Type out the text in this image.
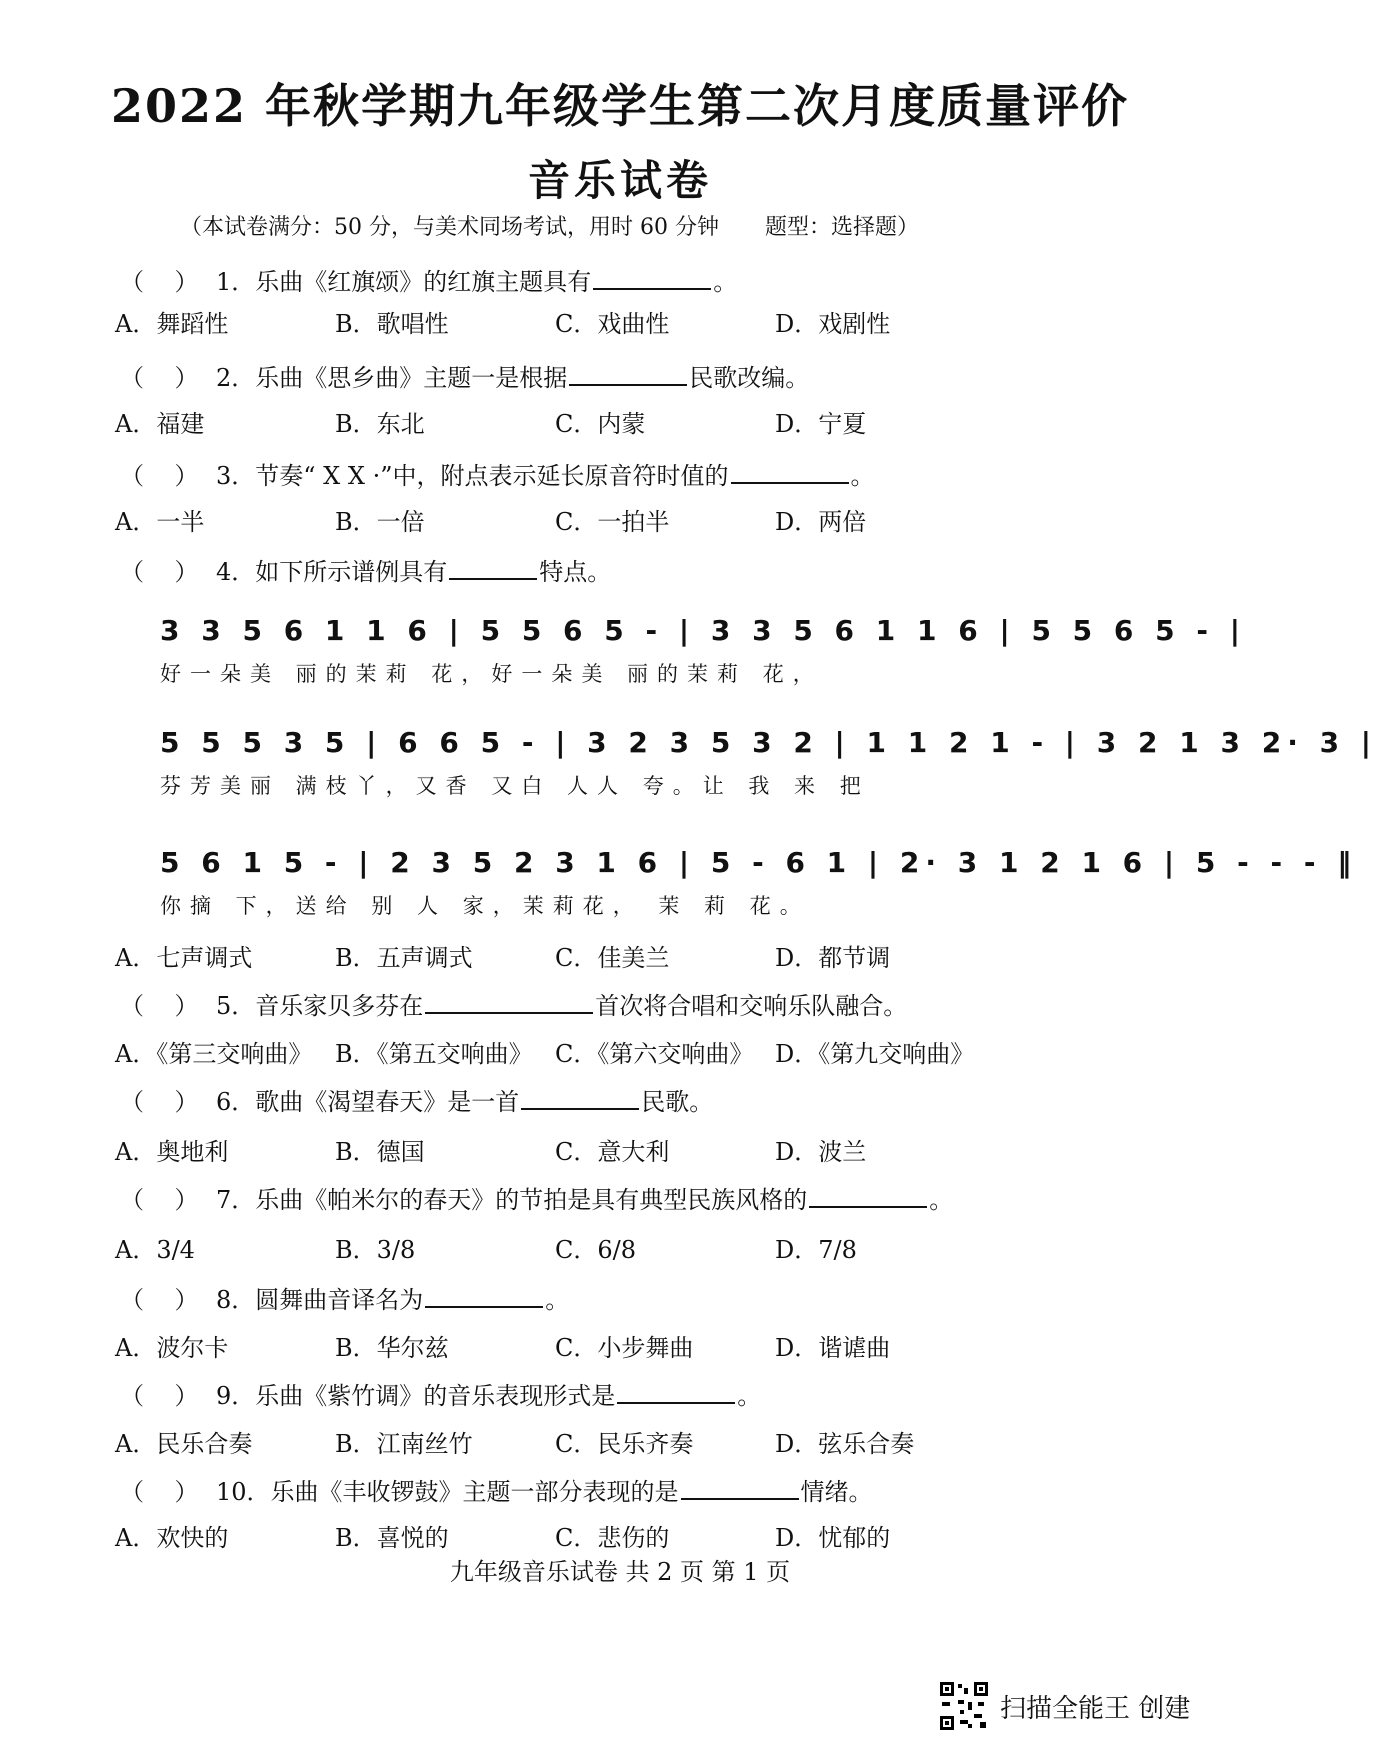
2022 年秋学期九年级学生第二次月度质量评价
音乐试卷
（本试卷满分：50 分，与美术同场考试，用时 60 分钟 题型：选择题）
（    ） 1．乐曲《红旗颂》的红旗主题具有	。
A．舞蹈性	B．歌唱性	C．戏曲性	D．戏剧性
（    ） 2．乐曲《思乡曲》主题一是根据	民歌改编。
A．福建	B．东北	C．内蒙	D．宁夏
（    ） 3．节奏“ X X ·”中，附点表示延长原音符时值的	。
A．一半	B．一倍	C．一拍半	D．两倍
（    ） 4．如下所示谱例具有	特点。
3 3 5 6 1 1 6 | 5 5 6 5 - | 3 3 5 6 1 1 6 | 5 5 6 5 - |
好一朵美 丽的茉莉 花，好一朵美 丽的茉莉 花，
5 5 5 3 5 | 6 6 5 - | 3 2 3 5 3 2 | 1 1 2 1 - | 3 2 1 3 2· 3 |
芬芳美丽 满枝丫，又香 又白 人人 夸。让 我 来 把
5 6 1 5 - | 2 3 5 2 3 1 6 | 5 - 6 1 | 2· 3 1 2 1 6 | 5 - - - ‖
你摘 下，送给 别 人 家，茉莉花， 茉 莉 花。
A．七声调式	B．五声调式	C．佳美兰	D．都节调
（    ） 5．音乐家贝多芬在	首次将合唱和交响乐队融合。
A．《第三交响曲》 B．《第五交响曲》 C．《第六交响曲》 D．《第九交响曲》
（    ） 6．歌曲《渴望春天》是一首	民歌。
A．奥地利	B．德国	C．意大利	D．波兰
（    ） 7．乐曲《帕米尔的春天》的节拍是具有典型民族风格的	。
A．3/4	B．3/8	C．6/8	D．7/8
（    ） 8．圆舞曲音译名为	。
A．波尔卡	B．华尔兹	C．小步舞曲	D．谐谑曲
（    ） 9．乐曲《紫竹调》的音乐表现形式是	。
A．民乐合奏	B．江南丝竹	C．民乐齐奏	D．弦乐合奏
（    ） 10．乐曲《丰收锣鼓》主题一部分表现的是	情绪。
A．欢快的	B．喜悦的	C．悲伤的	D．忧郁的
九年级音乐试卷 共 2 页 第 1 页
扫描全能王 创建
